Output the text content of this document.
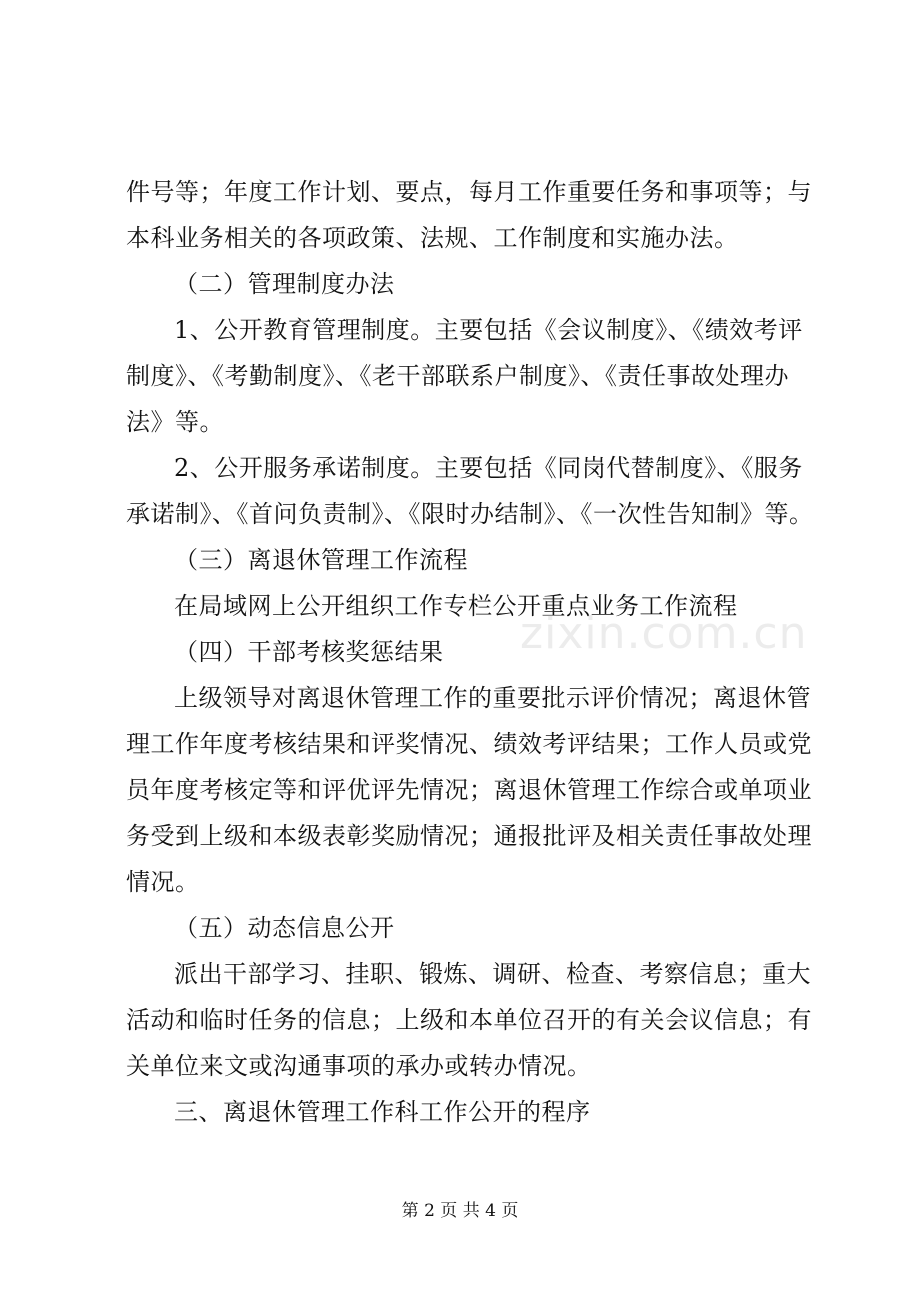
件号等；年度工作计划、要点，每月工作重要任务和事项等；与
本科业务相关的各项政策、法规、工作制度和实施办法。
（二）管理制度办法
1、公开教育管理制度。主要包括《会议制度》、《绩效考评
制度》、《考勤制度》、《老干部联系户制度》、《责任事故处理办
法》等。
2、公开服务承诺制度。主要包括《同岗代替制度》、《服务
承诺制》、《首问负责制》、《限时办结制》、《一次性告知制》等。
（三）离退休管理工作流程
在局域网上公开组织工作专栏公开重点业务工作流程
（四）干部考核奖惩结果
上级领导对离退休管理工作的重要批示评价情况；离退休管
理工作年度考核结果和评奖情况、绩效考评结果；工作人员或党
员年度考核定等和评优评先情况；离退休管理工作综合或单项业
务受到上级和本级表彰奖励情况；通报批评及相关责任事故处理
情况。
（五）动态信息公开
派出干部学习、挂职、锻炼、调研、检查、考察信息；重大
活动和临时任务的信息；上级和本单位召开的有关会议信息；有
关单位来文或沟通事项的承办或转办情况。
三、离退休管理工作科工作公开的程序
zixin.com.cn
第 2 页 共 4 页
